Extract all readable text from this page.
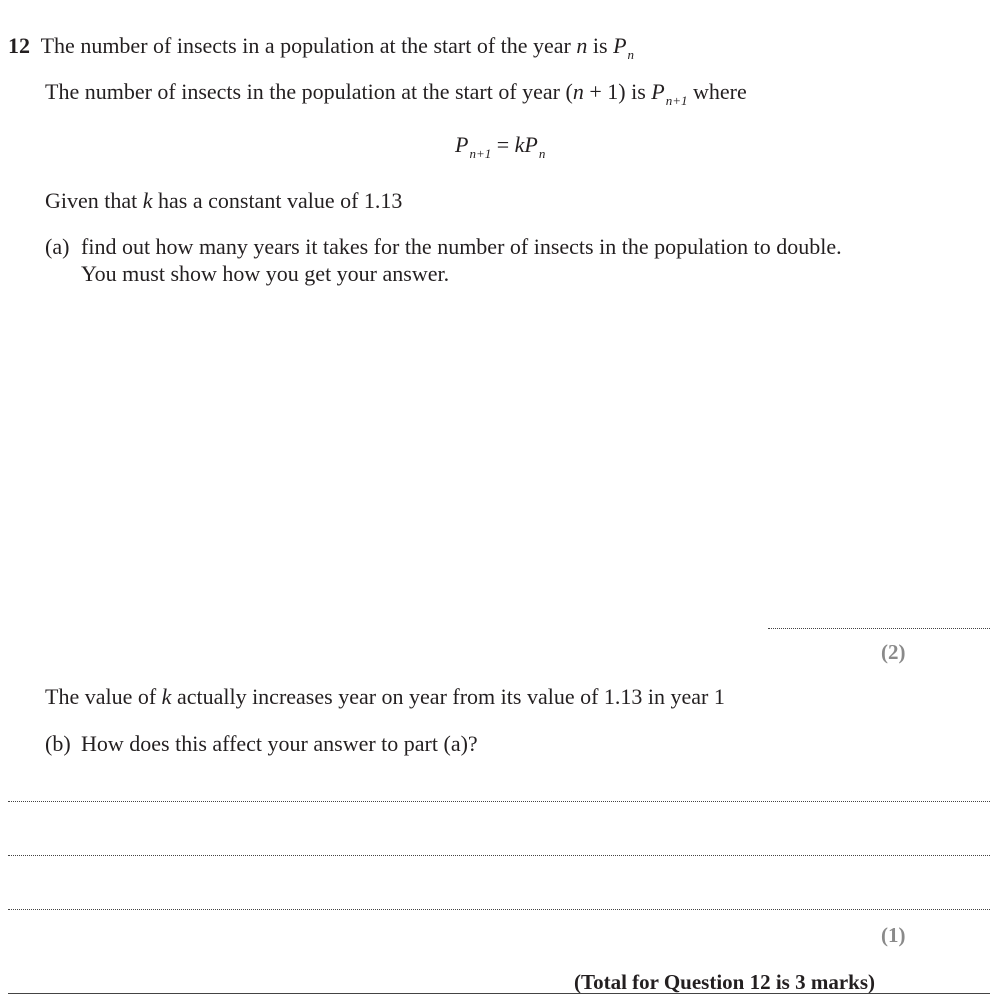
12 The number of insects in a population at the start of the year n is $P_n$
The number of insects in the population at the start of year (n + 1) is $P_{n+1}$ where
$P_{n+1} = kP_n$
Given that k has a constant value of 1.13
(a) find out how many years it takes for the number of insects in the population to double.
You must show how you get your answer.
(2)
The value of k actually increases year on year from its value of 1.13 in year 1
(b) How does this affect your answer to part (a)?
(1)
(Total for Question 12 is 3 marks)
